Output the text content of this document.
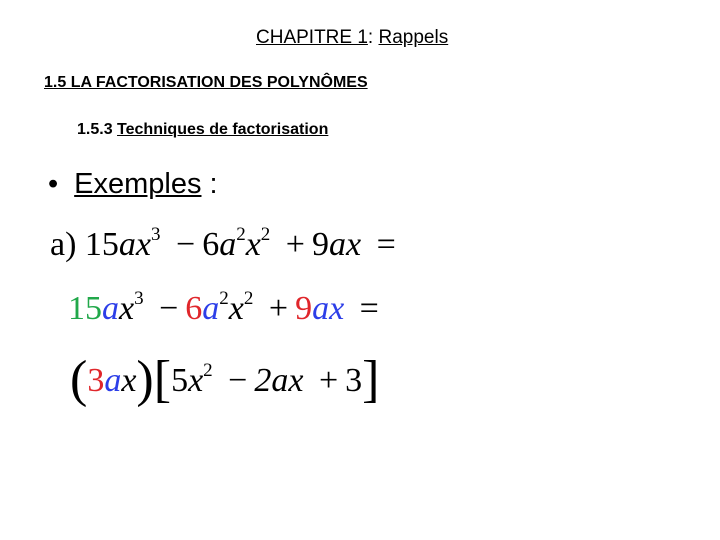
CHAPITRE 1: Rappels
1.5 LA FACTORISATION DES POLYNÔMES
1.5.3 Techniques de factorisation
• Exemples :
a) $15ax^3 - 6a^2x^2 + 9ax$ =
$15ax^3 - 6a^2x^2 + 9ax$ =
$(3ax)[5x^2 - 2ax + 3]$
